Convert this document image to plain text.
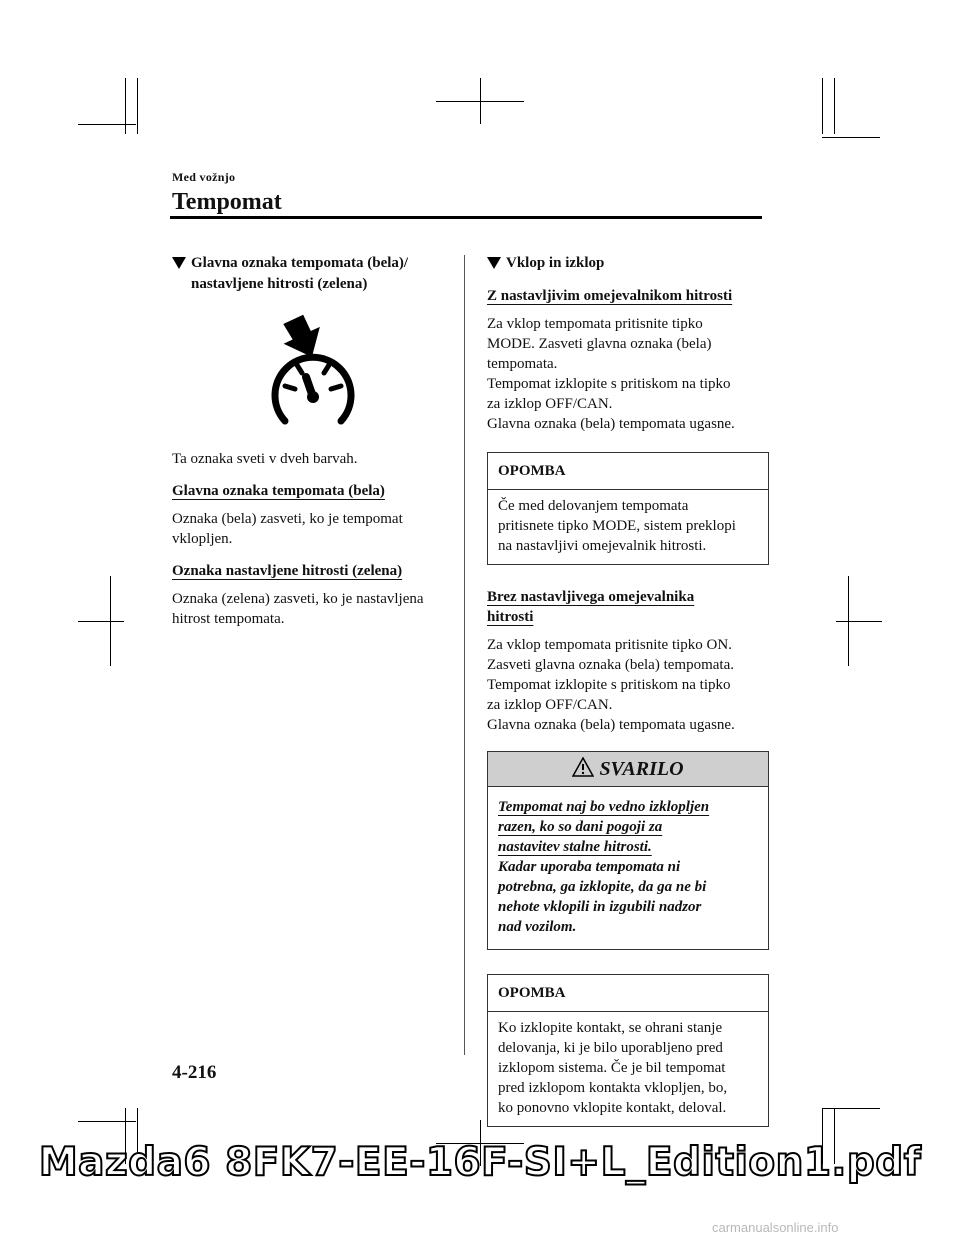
Med vožnjo
Tempomat
Glavna oznaka tempomata (bela)/
nastavljene hitrosti (zelena)
Ta oznaka sveti v dveh barvah.
Glavna oznaka tempomata (bela)
Oznaka (bela) zasveti, ko je tempomat
vklopljen.
Oznaka nastavljene hitrosti (zelena)
Oznaka (zelena) zasveti, ko je nastavljena
hitrost tempomata.
Vklop in izklop
Z nastavljivim omejevalnikom hitrosti
Za vklop tempomata pritisnite tipko
MODE. Zasveti glavna oznaka (bela)
tempomata.
Tempomat izklopite s pritiskom na tipko
za izklop OFF/CAN.
Glavna oznaka (bela) tempomata ugasne.
OPOMBA
Če med delovanjem tempomata
pritisnete tipko MODE, sistem preklopi
na nastavljivi omejevalnik hitrosti.
Brez nastavljivega omejevalnika
hitrosti
Za vklop tempomata pritisnite tipko ON.
Zasveti glavna oznaka (bela) tempomata.
Tempomat izklopite s pritiskom na tipko
za izklop OFF/CAN.
Glavna oznaka (bela) tempomata ugasne.
SVARILO
Tempomat naj bo vedno izklopljen
razen, ko so dani pogoji za
nastavitev stalne hitrosti.
Kadar uporaba tempomata ni
potrebna, ga izklopite, da ga ne bi
nehote vklopili in izgubili nadzor
nad vozilom.
OPOMBA
Ko izklopite kontakt, se ohrani stanje
delovanja, ki je bilo uporabljeno pred
izklopom sistema. Če je bil tempomat
pred izklopom kontakta vklopljen, bo,
ko ponovno vklopite kontakt, deloval.
4-216
Mazda6 8FK7-EE-16F-SI+L_Edition1.pdf
carmanualsonline.info
